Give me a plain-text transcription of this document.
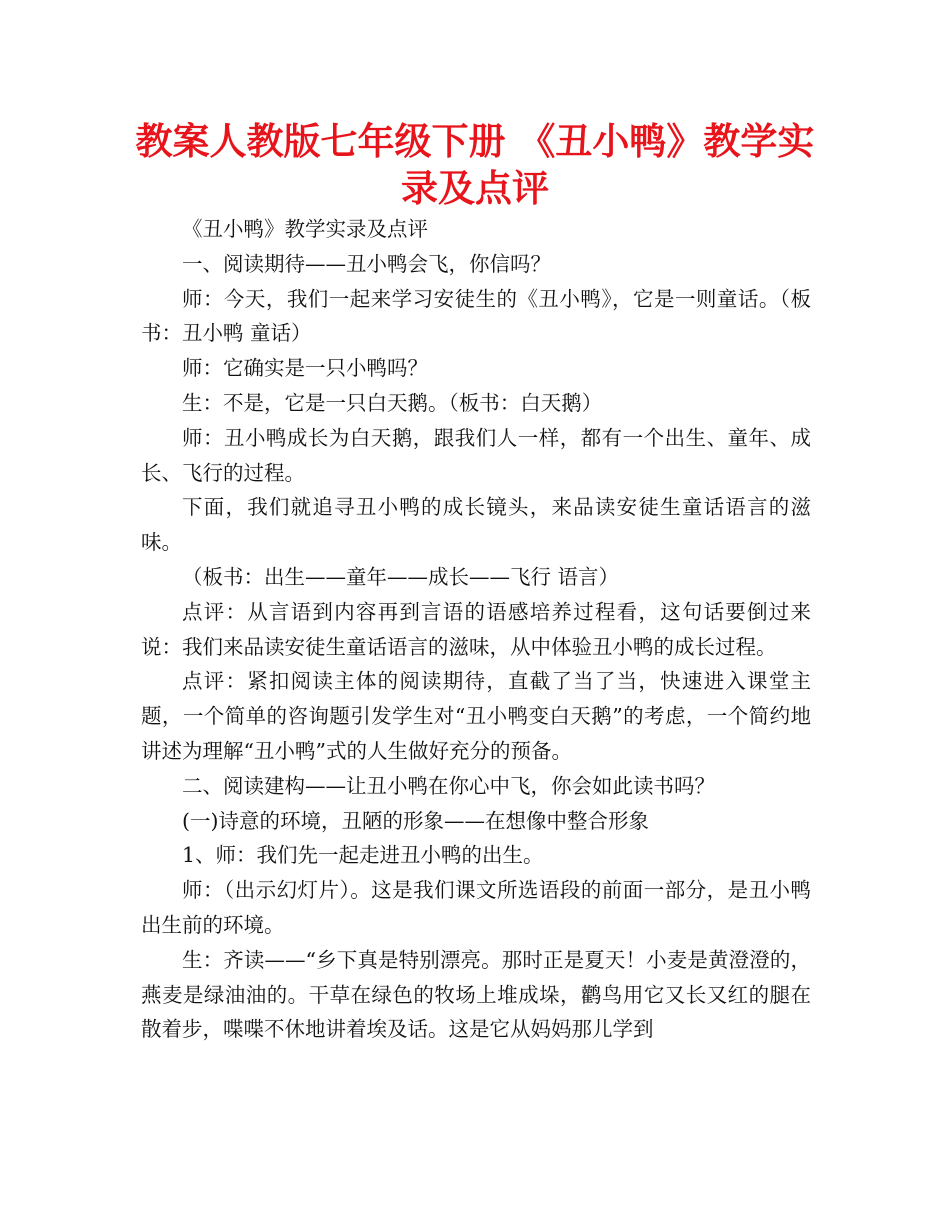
教案人教版七年级下册 《丑小鸭》教学实录及点评

《丑小鸭》教学实录及点评

一、阅读期待——丑小鸭会飞，你信吗？

师：今天，我们一起来学习安徒生的《丑小鸭》，它是一则童话。（板书：丑小鸭 童话）

师：它确实是一只小鸭吗？

生：不是，它是一只白天鹅。（板书：白天鹅）

师：丑小鸭成长为白天鹅，跟我们人一样，都有一个出生、童年、成长、飞行的过程。

下面，我们就追寻丑小鸭的成长镜头，来品读安徒生童话语言的滋味。

（板书：出生——童年——成长——飞行 语言）

点评：从言语到内容再到言语的语感培养过程看，这句话要倒过来说：我们来品读安徒生童话语言的滋味，从中体验丑小鸭的成长过程。

点评：紧扣阅读主体的阅读期待，直截了当了当，快速进入课堂主题，一个简单的咨询题引发学生对“丑小鸭变白天鹅”的考虑，一个简约地讲述为理解“丑小鸭”式的人生做好充分的预备。

二、阅读建构——让丑小鸭在你心中飞，你会如此读书吗？

(一)诗意的环境，丑陋的形象——在想像中整合形象

1、师：我们先一起走进丑小鸭的出生。

师：（出示幻灯片）。这是我们课文所选语段的前面一部分，是丑小鸭出生前的环境。

生：齐读——“乡下真是特别漂亮。那时正是夏天！小麦是黄澄澄的，燕麦是绿油油的。干草在绿色的牧场上堆成垛，鹳鸟用它又长又红的腿在散着步，喋喋不休地讲着埃及话。这是它从妈妈那儿学到
